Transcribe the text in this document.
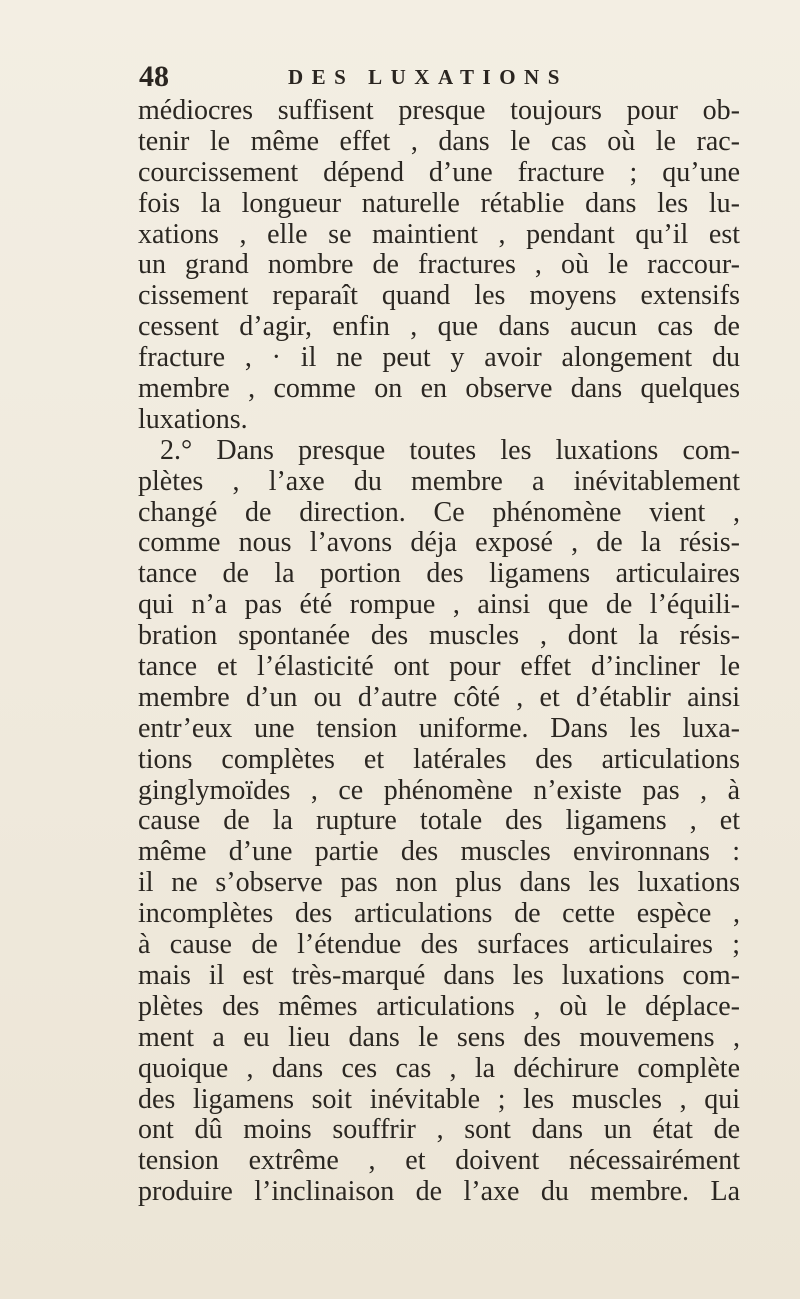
48	DES LUXATIONS
médiocres suffisent presque toujours pour ob-
tenir le même effet , dans le cas où le rac-
courcissement dépend d’une fracture ; qu’une
fois la longueur naturelle rétablie dans les lu-
xations , elle se maintient , pendant qu’il est
un grand nombre de fractures , où le raccour-
cissement reparaît quand les moyens extensifs
cessent d’agir, enfin , que dans aucun cas de
fracture , · il ne peut y avoir alongement du
membre , comme on en observe dans quelques
luxations.
2.° Dans presque toutes les luxations com-
plètes , l’axe du membre a inévitablement
changé de direction. Ce phénomène vient ,
comme nous l’avons déja exposé , de la résis-
tance de la portion des ligamens articulaires
qui n’a pas été rompue , ainsi que de l’équili-
bration spontanée des muscles , dont la résis-
tance et l’élasticité ont pour effet d’incliner le
membre d’un ou d’autre côté , et d’établir ainsi
entr’eux une tension uniforme. Dans les luxa-
tions complètes et latérales des articulations
ginglymoïdes , ce phénomène n’existe pas , à
cause de la rupture totale des ligamens , et
même d’une partie des muscles environnans :
il ne s’observe pas non plus dans les luxations
incomplètes des articulations de cette espèce ,
à cause de l’étendue des surfaces articulaires ;
mais il est très-marqué dans les luxations com-
plètes des mêmes articulations , où le déplace-
ment a eu lieu dans le sens des mouvemens ,
quoique , dans ces cas , la déchirure complète
des ligamens soit inévitable ; les muscles , qui
ont dû moins souffrir , sont dans un état de
tension extrême , et doivent nécessairément
produire l’inclinaison de l’axe du membre. La
